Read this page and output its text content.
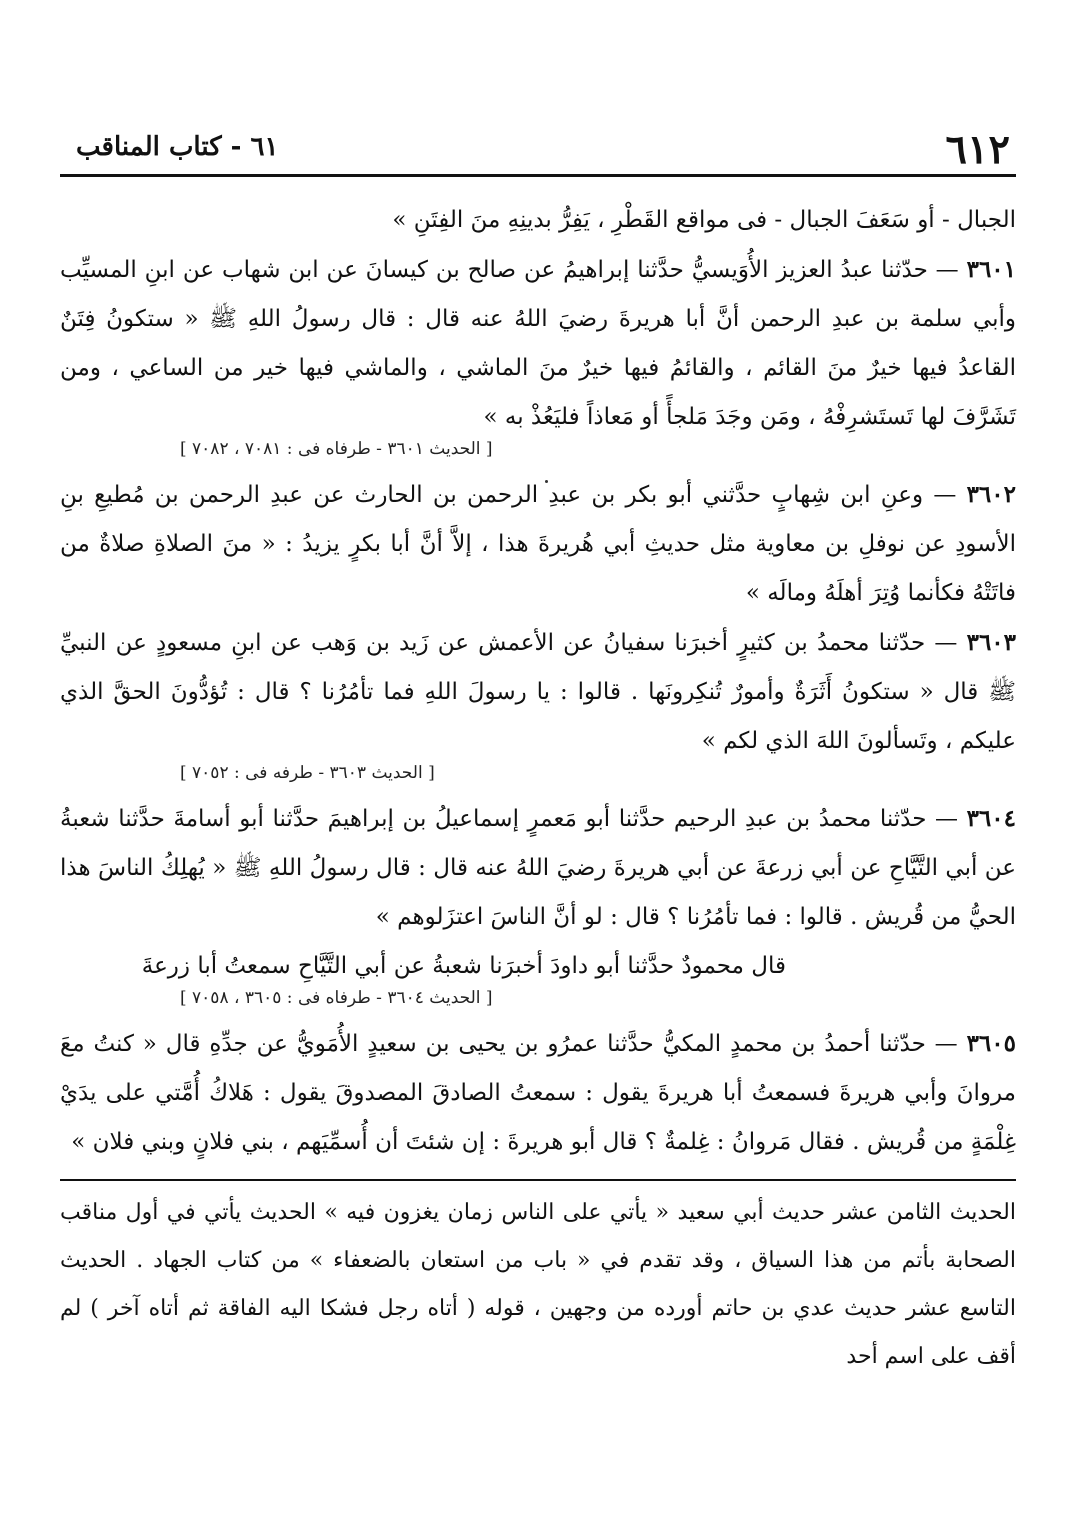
٦١٢
٦١ - كتاب المناقب

الجبال - أو سَعَفَ الجبال - فى مواقع القَطْرِ ، يَفِرُّ بدينِهِ منَ الفِتَنِ »

٣٦٠١ — حدّثنا عبدُ العزيز الأُوَيسيُّ حدَّثنا إبراهيمُ عن صالح بن كيسانَ عن ابن شهاب عن ابنِ المسيِّب وأبي سلمة بن عبدِ الرحمن أنَّ أبا هريرةَ رضيَ اللهُ عنه قال : قال رسولُ اللهِ ﷺ « ستكونُ فِتَنٌ القاعدُ فيها خيرٌ منَ القائم ، والقائمُ فيها خيرٌ منَ الماشي ، والماشي فيها خير من الساعي ، ومن تَشَرَّفَ لها تَستَشرِفْهُ ، ومَن وجَدَ مَلجأً أو مَعاذاً فليَعُذْ به »

[ الحديث ٣٦٠١ - طرفاه فى : ٧٠٨١ ، ٧٠٨٢ ]

٣٦٠٢ — وعنِ ابن شِهابٍ حدَّثني أبو بكر بن عبدِ الرحمن بن الحارث عن عبدِ الرحمن بن مُطيعِ بنِ الأسودِ عن نوفلِ بن معاوية مثل حديثِ أبي هُريرةَ هذا ، إلاَّ أنَّ أبا بكرٍ يزيدُ : « منَ الصلاةِ صلاةٌ من فاتَتْهُ فكأنما وُتِرَ أهلَهُ ومالَه »

٣٦٠٣ — حدّثنا محمدُ بن كثيرٍ أخبرَنا سفيانُ عن الأعمش عن زَيد بن وَهب عن ابنِ مسعودٍ عن النبيِّ ﷺ قال « ستكونُ أَثَرَةٌ وأمورٌ تُنكِرونَها . قالوا : يا رسولَ اللهِ فما تأمُرُنا ؟ قال : تُؤدُّونَ الحقَّ الذي عليكم ، وتَسألونَ اللهَ الذي لكم »

[ الحديث ٣٦٠٣ - طرفه فى : ٧٠٥٢ ]

٣٦٠٤ — حدّثنا محمدُ بن عبدِ الرحيم حدَّثنا أبو مَعمرٍ إسماعيلُ بن إبراهيمَ حدَّثنا أبو أسامةَ حدَّثنا شعبةُ عن أبي التَّيَّاحِ عن أبي زرعةَ عن أبي هريرةَ رضيَ اللهُ عنه قال : قال رسولُ اللهِ ﷺ « يُهلِكُ الناسَ هذا الحيُّ من قُريش . قالوا : فما تأمُرُنا ؟ قال : لو أنَّ الناسَ اعتزَلوهم »

قال محمودٌ حدَّثنا أبو داودَ أخبرَنا شعبةُ عن أبي التَّيَّاحِ سمعتُ أبا زرعةَ

[ الحديث ٣٦٠٤ - طرفاه فى : ٣٦٠٥ ، ٧٠٥٨ ]

٣٦٠٥ — حدّثنا أحمدُ بن محمدٍ المكيُّ حدَّثنا عمرُو بن يحيى بن سعيدٍ الأُمَويُّ عن جدِّهِ قال « كنتُ معَ مروانَ وأبي هريرةَ فسمعتُ أبا هريرةَ يقول : سمعتُ الصادقَ المصدوقَ يقول : هَلاكُ أُمَّتي على يدَيْ غِلْمَةٍ من قُريش . فقال مَروانُ : غِلمةٌ ؟ قال أبو هريرةَ : إن شئتَ أن أُسمِّيَهم ، بني فلانٍ وبني فلان »

الحديث الثامن عشر حديث أبي سعيد « يأتي على الناس زمان يغزون فيه » الحديث يأتي في أول مناقب الصحابة بأتم من هذا السياق ، وقد تقدم في « باب من استعان بالضعفاء » من كتاب الجهاد . الحديث التاسع عشر حديث عدي بن حاتم أورده من وجهين ، قوله ( أتاه رجل فشكا اليه الفاقة ثم أتاه آخر ) لم أقف على اسم أحد
